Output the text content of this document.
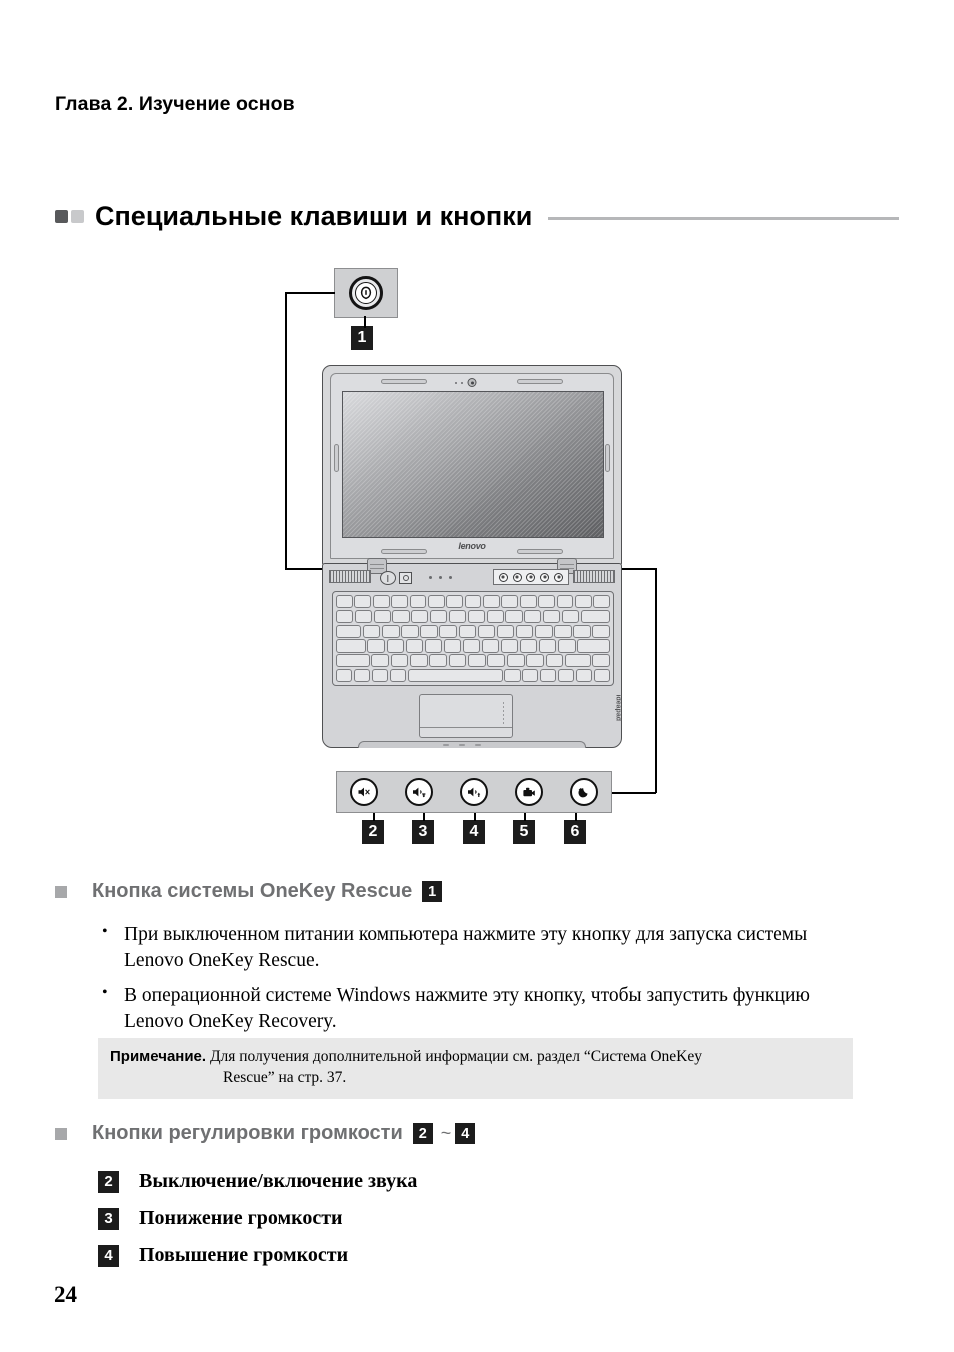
Глава 2. Изучение основ
Специальные клавиши и кнопки
1
lenovo
ideapad
2	3	4	5	6
Кнопка системы OneKey Rescue	1
• При выключенном питании компьютера нажмите эту кнопку для запуска системы Lenovo OneKey Rescue.
• В операционной системе Windows нажмите эту кнопку, чтобы запустить функцию Lenovo OneKey Recovery.
Примечание. Для получения дополнительной информации см. раздел “Система OneKey
Rescue” на стр. 37.
Кнопки регулировки громкости	2 ~ 4
2	Выключение/включение звука
3	Понижение громкости
4	Повышение громкости
24
